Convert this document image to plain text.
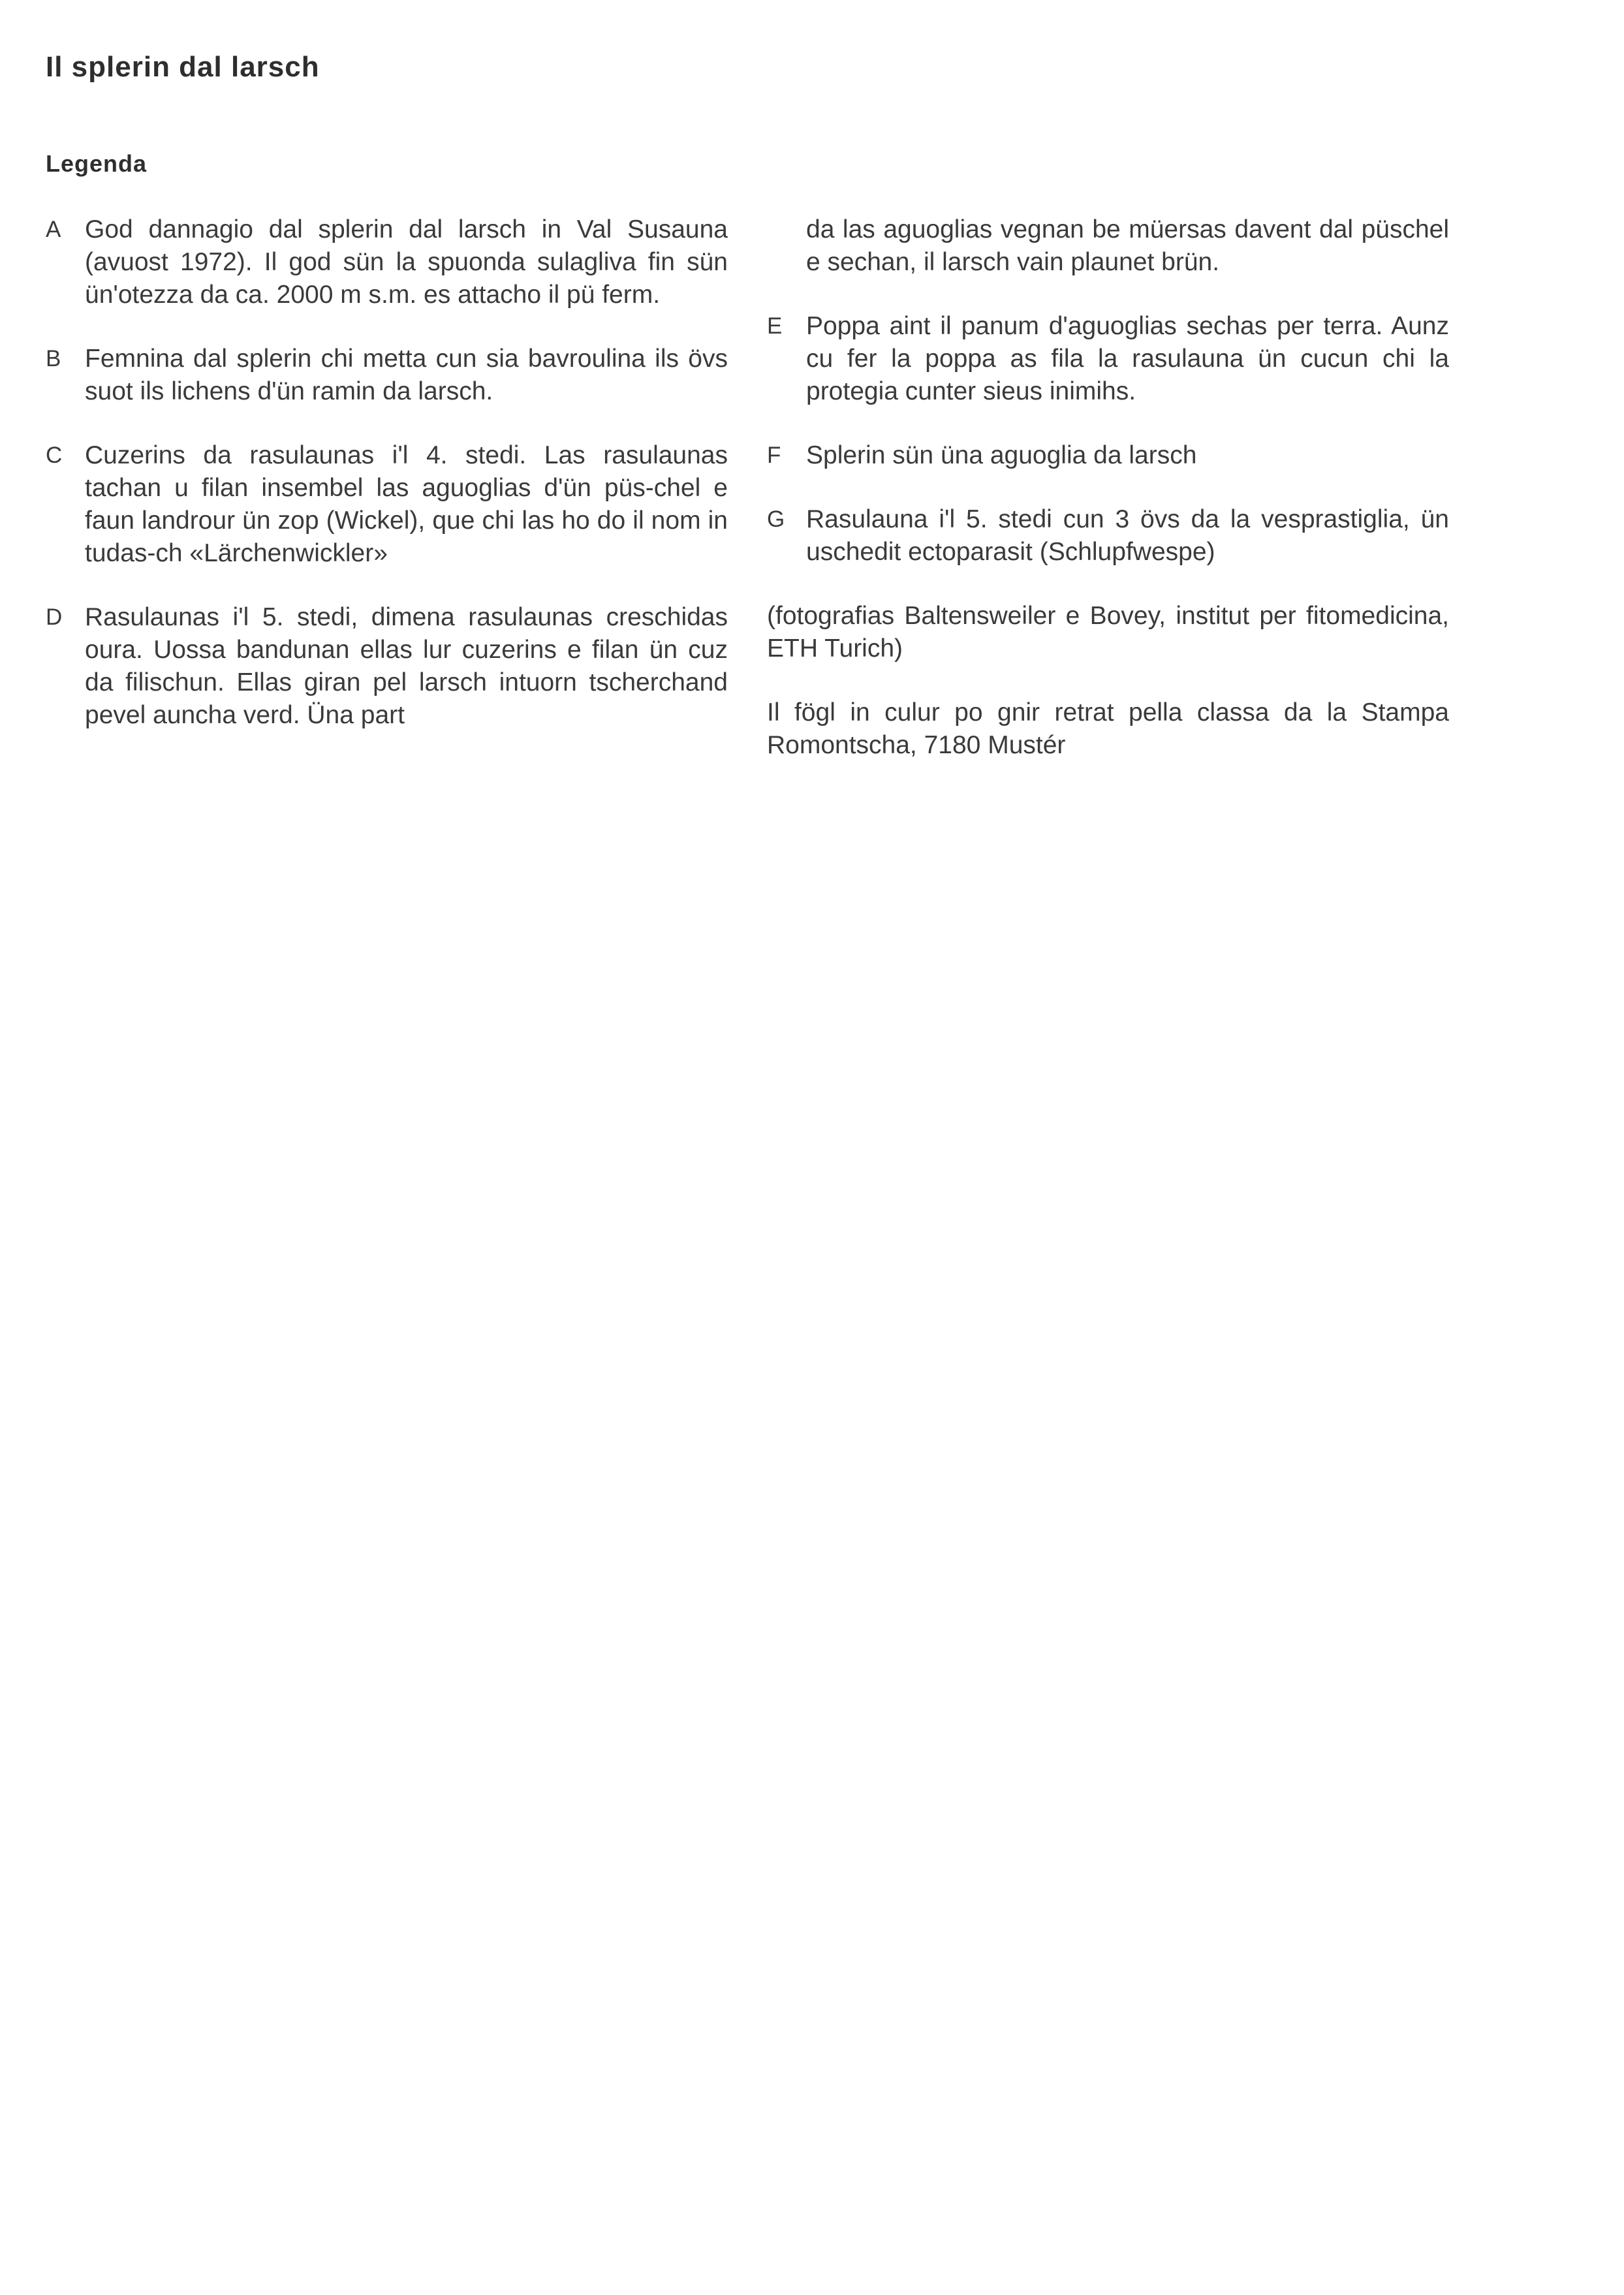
Il splerin dal larsch
Legenda
A God dannagio dal splerin dal larsch in Val Susauna (avuost 1972). Il god sün la spuonda sulagliva fin sün ün'otezza da ca. 2000 m s.m. es attacho il pü ferm.
B Femnina dal splerin chi metta cun sia bavroulina ils övs suot ils lichens d'ün ramin da larsch.
C Cuzerins da rasulaunas i'l 4. stedi. Las rasulaunas tachan u filan insembel las aguoglias d'ün püs-chel e faun landrour ün zop (Wickel), que chi las ho do il nom in tudas-ch «Lärchenwickler»
D Rasulaunas i'l 5. stedi, dimena rasulaunas creschidas oura. Uossa bandunan ellas lur cuzerins e filan ün cuz da filischun. Ellas giran pel larsch intuorn tscherchand pevel auncha verd. Üna part
da las aguoglias vegnan be müersas davent dal püschel e sechan, il larsch vain plaunet brün.
E Poppa aint il panum d'aguoglias sechas per terra. Aunz cu fer la poppa as fila la rasulauna ün cucun chi la protegia cunter sieus inimihs.
F Splerin sün üna aguoglia da larsch
G Rasulauna i'l 5. stedi cun 3 övs da la vesprastiglia, ün uschedit ectoparasit (Schlupfwespe)
(fotografias Baltensweiler e Bovey, institut per fitomedicina, ETH Turich)
Il fögl in culur po gnir retrat pella classa da la Stampa Romontscha, 7180 Mustér
